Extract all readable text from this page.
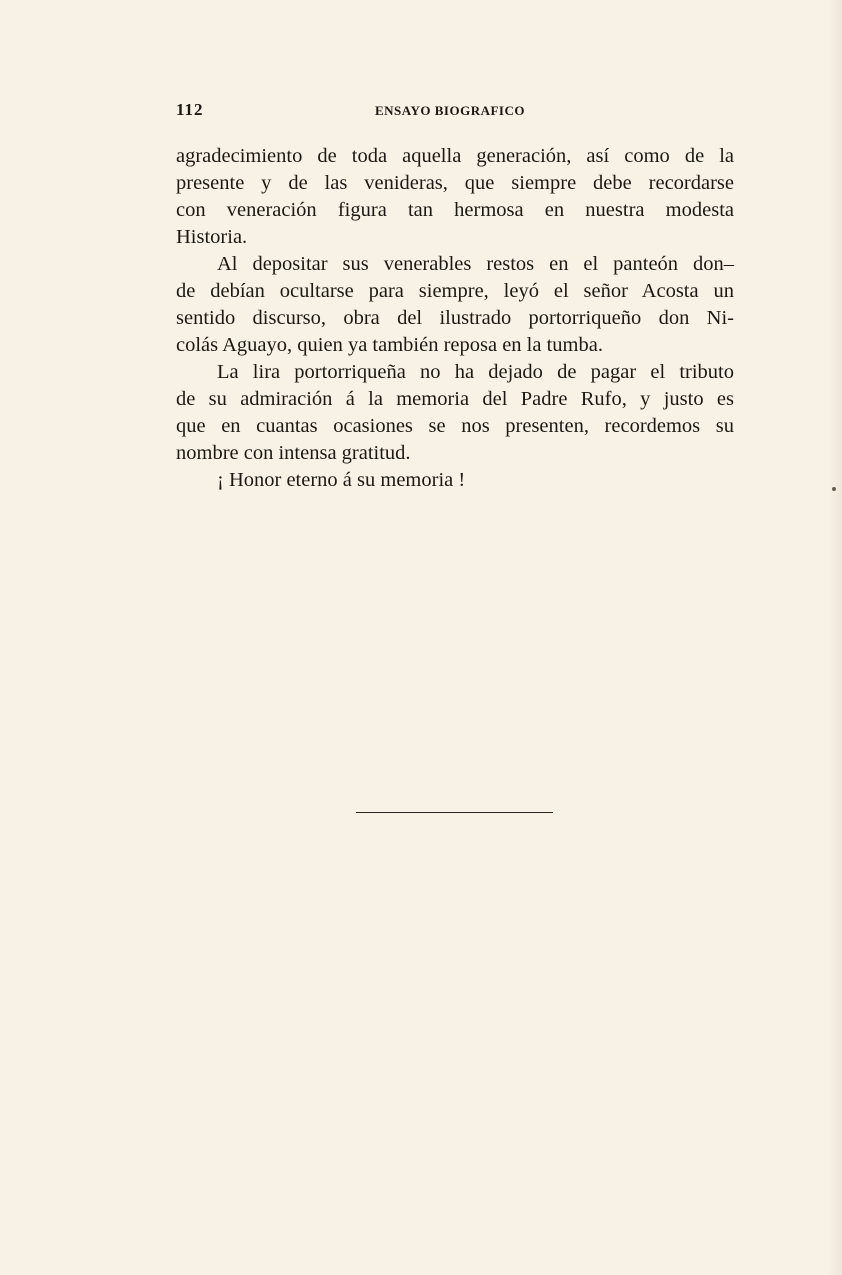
112	ENSAYO BIOGRAFICO
agradecimiento de toda aquella generación, así como de la
presente y de las venideras, que siempre debe recordarse
con veneración figura tan hermosa en nuestra modesta
Historia.
Al depositar sus venerables restos en el panteón don–
de debían ocultarse para siempre, leyó el señor Acosta un
sentido discurso, obra del ilustrado portorriqueño don Ni-
colás Aguayo, quien ya también reposa en la tumba.
La lira portorriqueña no ha dejado de pagar el tributo
de su admiración á la memoria del Padre Rufo, y justo es
que en cuantas ocasiones se nos presenten, recordemos su
nombre con intensa gratitud.
¡ Honor eterno á su memoria !
